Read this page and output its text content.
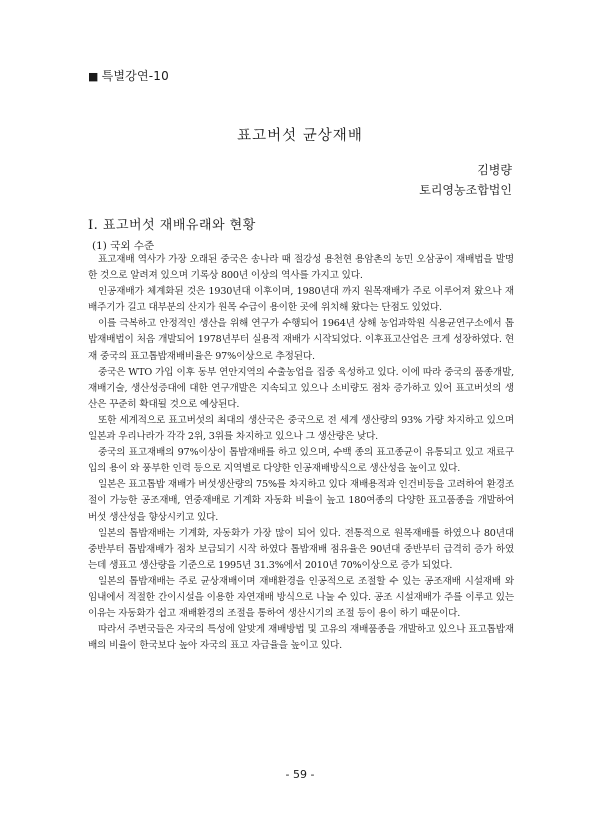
■ 특별강연-10
표고버섯 균상재배
김병량
토리영농조합법인
Ⅰ. 표고버섯 재배유래와 현황
(1) 국외 수준

표고재배 역사가 가장 오래된 중국은 송나라 때 절강성 용천현 용암촌의 농민 오삼공이 재배법을 발명한 것으로 알려져 있으며 기록상 800년 이상의 역사를 가지고 있다.

인공재배가 체계화된 것은 1930년대 이후이며, 1980년대 까지 원목재배가 주로 이루어져 왔으나 재배주기가 길고 대부분의 산지가 원목 수급이 용이한 곳에 위치해 왔다는 단점도 있었다.

이를 극복하고 안정적인 생산을 위해 연구가 수행되어 1964년 상해 농업과학원 식용균연구소에서 톱밥재배법이 처음 개발되어 1978년부터 실용적 재배가 시작되었다. 이후표고산업은 크게 성장하였다. 현재 중국의 표고톱밥재배비율은 97%이상으로 추정된다.

중국은 WTO 가입 이후 동부 연안지역의 수출농업을 집중 육성하고 있다. 이에 따라 중국의 품종개발, 재배기술, 생산성증대에 대한 연구개발은 지속되고 있으나 소비량도 점차 증가하고 있어 표고버섯의 생산은 꾸준히 확대될 것으로 예상된다.

또한 세계적으로 표고버섯의 최대의 생산국은 중국으로 전 세계 생산량의 93% 가량 차지하고 있으며 일본과 우리나라가 각각 2위, 3위를 차지하고 있으나 그 생산량은 낮다.

중국의 표고재배의 97%이상이 톱밥재배를 하고 있으며, 수백 종의 표고종균이 유통되고 있고 재료구입의 용이 와 풍부한 인력 등으로 지역별로 다양한 인공재배방식으로 생산성을 높이고 있다.

일본은 표고톱밥 재배가 버섯생산량의 75%를 차지하고 있다 재배용적과 인건비등을 고려하여 환경조절이 가능한 공조재배, 연중재배로 기계화 자동화 비율이 높고 180여종의 다양한 표고품종을 개발하여 버섯 생산성을 향상시키고 있다.

일본의 톱밥재배는 기계화, 자동화가 가장 많이 되어 있다. 전통적으로 원목재배를 하였으나 80년대 중반부터 톱밥재배가 점차 보급되기 시작 하였다 톱밥재배 점유율은 90년대 중반부터 급격히 증가 하였는데 생표고 생산량을 기준으로 1995년 31.3%에서 2010년 70%이상으로 증가 되었다.

일본의 톱밥재배는 주로 균상재배이며 재배환경을 인공적으로 조절할 수 있는 공조재배 시설재배 와 임내에서 적절한 간이시설을 이용한 자연재배 방식으로 나눌 수 있다. 공조 시설재배가 주를 이루고 있는 이유는 자동화가 쉽고 재배환경의 조절을 통하여 생산시기의 조절 등이 용이 하기 때문이다.

따라서 주변국들은 자국의 특성에 알맞게 재배방법 및 고유의 재배품종을 개발하고 있으나 표고톱밥재배의 비율이 한국보다 높아 자국의 표고 자급율을 높이고 있다.

- 59 -
